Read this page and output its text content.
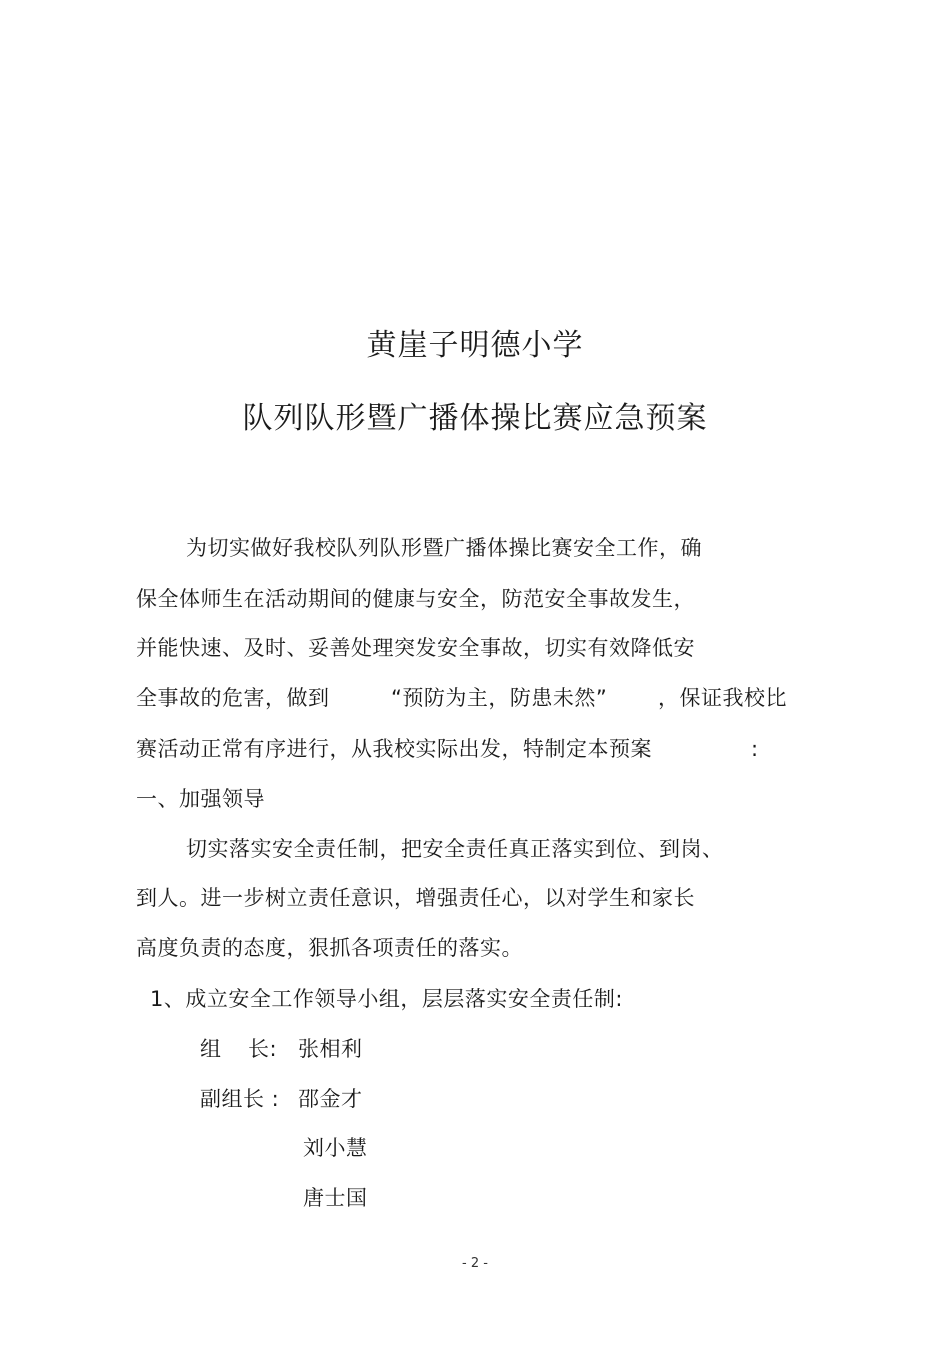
黄崖子明德小学
队列队形暨广播体操比赛应急预案
为切实做好我校队列队形暨广播体操比赛安全工作，确
保全体师生在活动期间的健康与安全，防范安全事故发生，
并能快速、及时、妥善处理突发安全事故，切实有效降低安
全事故的危害，做到	“预防为主，防患未然” ，保证我校比
赛活动正常有序进行，从我校实际出发，特制定本预案	:
一、加强领导
切实落实安全责任制，把安全责任真正落实到位、到岗、
到人。进一步树立责任意识，增强责任心，以对学生和家长
高度负责的态度，狠抓各项责任的落实。
1、成立安全工作领导小组，层层落实安全责任制:
组 长: 张相利
副组长 : 邵金才
刘小慧
唐士国
- 2 -
